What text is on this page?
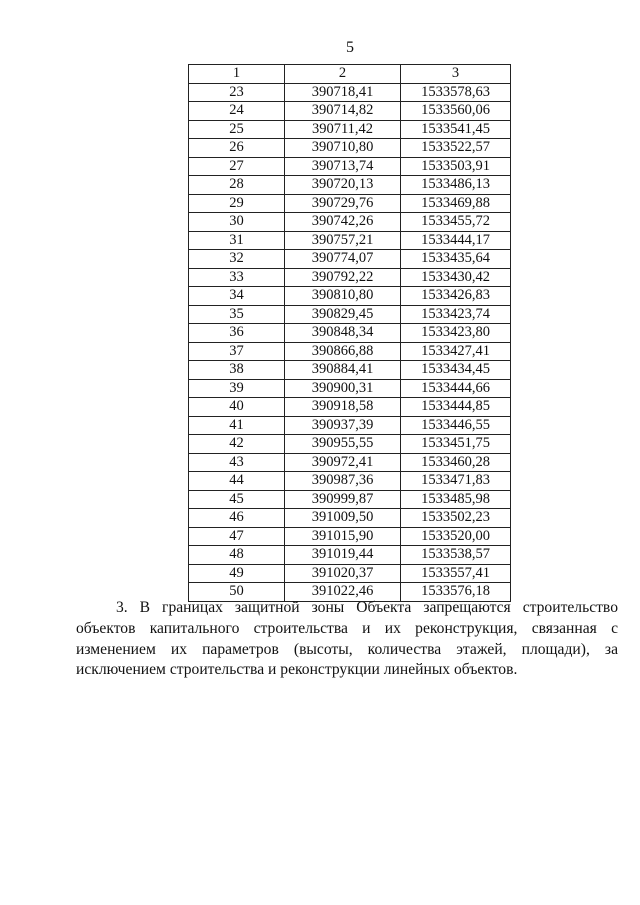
5
1	2	3
23	390718,41	1533578,63
24	390714,82	1533560,06
25	390711,42	1533541,45
26	390710,80	1533522,57
27	390713,74	1533503,91
28	390720,13	1533486,13
29	390729,76	1533469,88
30	390742,26	1533455,72
31	390757,21	1533444,17
32	390774,07	1533435,64
33	390792,22	1533430,42
34	390810,80	1533426,83
35	390829,45	1533423,74
36	390848,34	1533423,80
37	390866,88	1533427,41
38	390884,41	1533434,45
39	390900,31	1533444,66
40	390918,58	1533444,85
41	390937,39	1533446,55
42	390955,55	1533451,75
43	390972,41	1533460,28
44	390987,36	1533471,83
45	390999,87	1533485,98
46	391009,50	1533502,23
47	391015,90	1533520,00
48	391019,44	1533538,57
49	391020,37	1533557,41
50	391022,46	1533576,18

3. В границах защитной зоны Объекта запрещаются строительство объектов капитального строительства и их реконструкция, связанная с изменением их параметров (высоты, количества этажей, площади), за исключением строительства и реконструкции линейных объектов.
